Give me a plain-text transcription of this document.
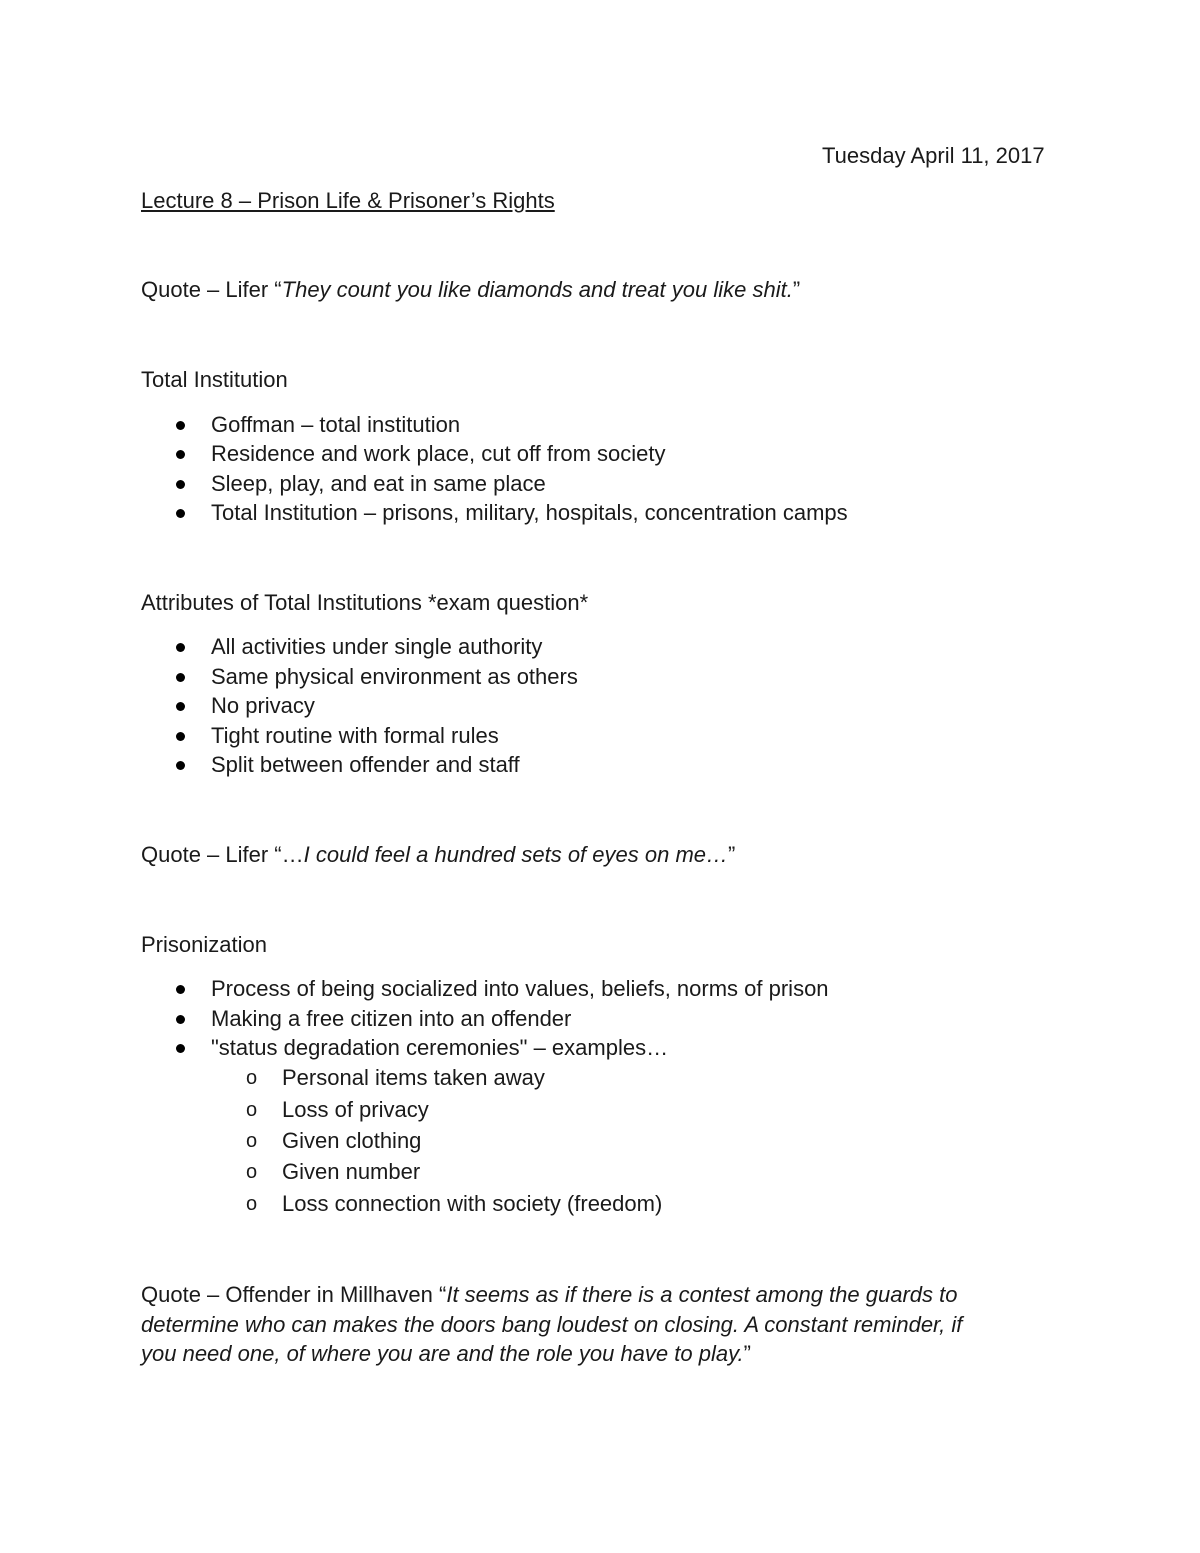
Tuesday April 11, 2017
Lecture 8 – Prison Life & Prisoner’s Rights
Quote – Lifer “They count you like diamonds and treat you like shit.”
Total Institution
Goffman – total institution
Residence and work place, cut off from society
Sleep, play, and eat in same place
Total Institution – prisons, military, hospitals, concentration camps
Attributes of Total Institutions *exam question*
All activities under single authority
Same physical environment as others
No privacy
Tight routine with formal rules
Split between offender and staff
Quote – Lifer “…I could feel a hundred sets of eyes on me…”
Prisonization
Process of being socialized into values, beliefs, norms of prison
Making a free citizen into an offender
"status degradation ceremonies" – examples…
o Personal items taken away
o Loss of privacy
o Given clothing
o Given number
o Loss connection with society (freedom)
Quote – Offender in Millhaven “It seems as if there is a contest among the guards to
determine who can makes the doors bang loudest on closing. A constant reminder, if
you need one, of where you are and the role you have to play.”
